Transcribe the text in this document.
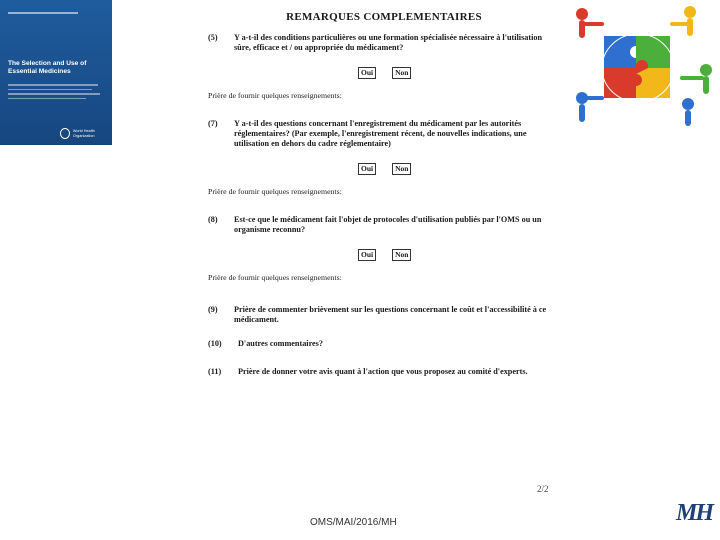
The Selection and Use of Essential Medicines
World Health Organization
REMARQUES COMPLEMENTAIRES
(5)	Y a-t-il des conditions particulières ou une formation spécialisée nécessaire à l'utilisation sûre, efficace et / ou appropriée du médicament?
Oui	Non
Prière de fournir quelques renseignements:
(7)	Y a-t-il des questions concernant l'enregistrement du médicament par les autorités réglementaires? (Par exemple, l'enregistrement récent, de nouvelles indications, une utilisation en dehors du cadre réglementaire)
Oui	Non
Prière de fournir quelques renseignements:
(8)	Est-ce que le médicament fait l'objet de protocoles d'utilisation publiés par l'OMS ou un organisme reconnu?
Oui	Non
Prière de fournir quelques renseignements:
(9)	Prière de commenter brièvement sur les questions concernant le coût et l'accessibilité à ce médicament.
(10)	D'autres commentaires?
(11)	Prière de donner votre avis quant à l'action que vous proposez au comité d'experts.
2/2
OMS/MAI/2016/MH	MH
